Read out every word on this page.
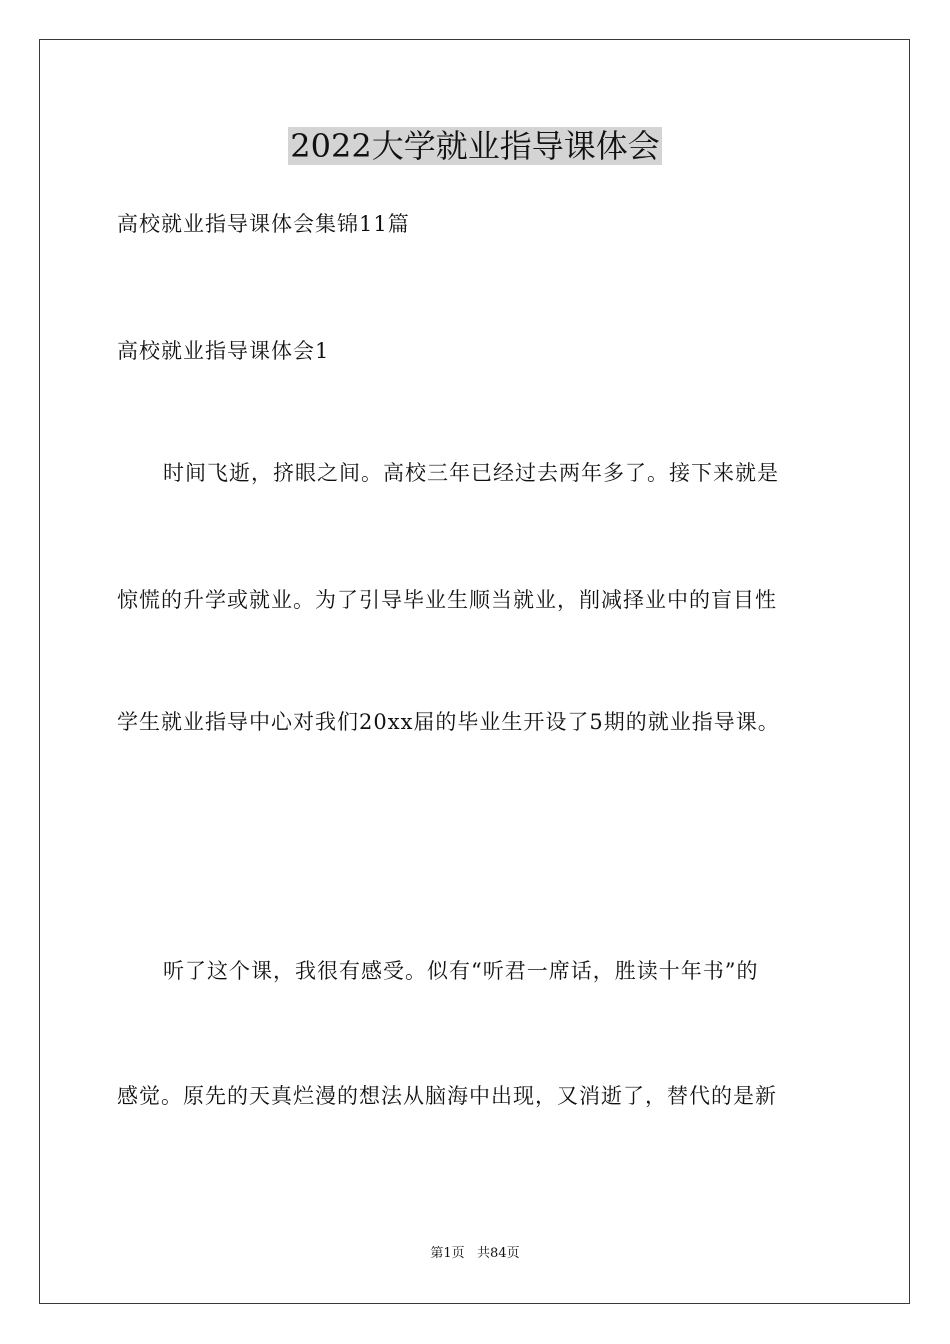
2022大学就业指导课体会
高校就业指导课体会集锦11篇
高校就业指导课体会1
时间飞逝，挤眼之间。高校三年已经过去两年多了。接下来就是
惊慌的升学或就业。为了引导毕业生顺当就业，削减择业中的盲目性
学生就业指导中心对我们20xx届的毕业生开设了5期的就业指导课。
听了这个课，我很有感受。似有“听君一席话，胜读十年书”的
感觉。原先的天真烂漫的想法从脑海中出现，又消逝了，替代的是新
第1页   共84页
